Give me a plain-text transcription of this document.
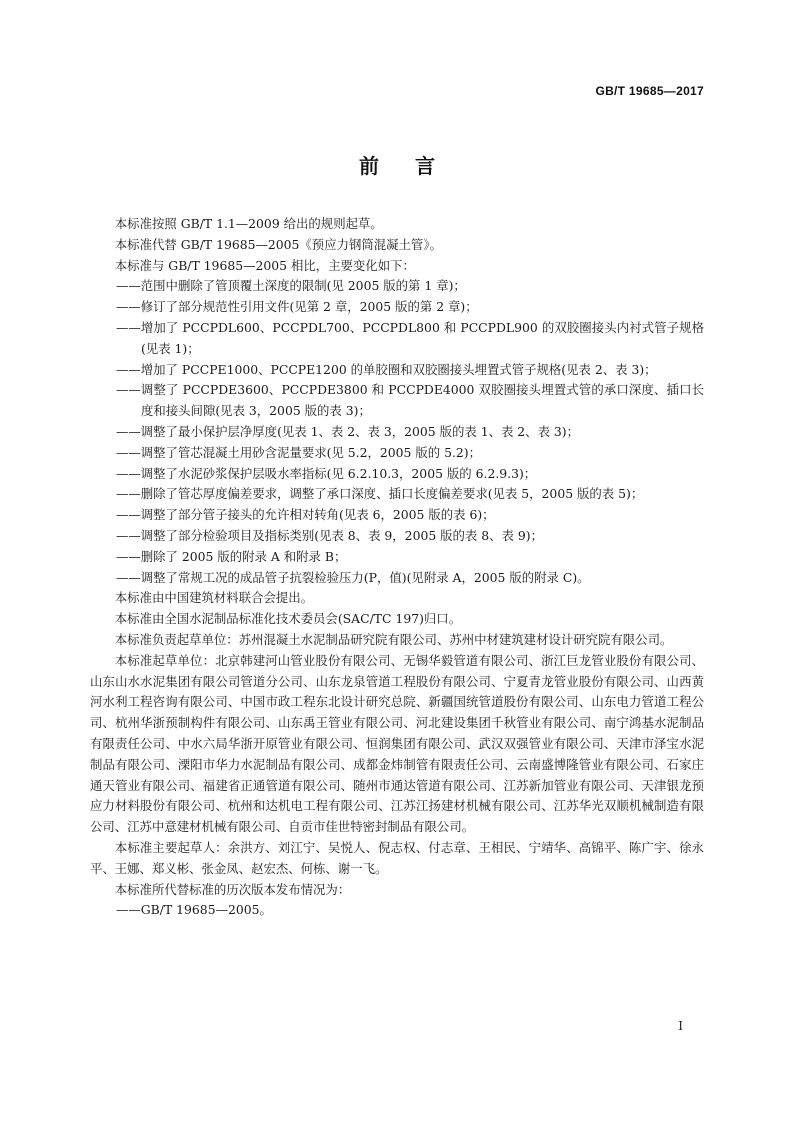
GB/T 19685—2017
前言

本标准按照 GB/T 1.1—2009 给出的规则起草。

本标准代替 GB/T 19685—2005《预应力钢筒混凝土管》。

本标准与 GB/T 19685—2005 相比，主要变化如下：

——范围中删除了管顶覆土深度的限制(见 2005 版的第 1 章)；

——修订了部分规范性引用文件(见第 2 章，2005 版的第 2 章)；

——增加了 PCCPDL600、PCCPDL700、PCCPDL800 和 PCCPDL900 的双胶圈接头内衬式管子规格(见表 1)；

——增加了 PCCPE1000、PCCPE1200 的单胶圈和双胶圈接头埋置式管子规格(见表 2、表 3)；

——调整了 PCCPDE3600、PCCPDE3800 和 PCCPDE4000 双胶圈接头埋置式管的承口深度、插口长度和接头间隙(见表 3，2005 版的表 3)；

——调整了最小保护层净厚度(见表 1、表 2、表 3，2005 版的表 1、表 2、表 3)；

——调整了管芯混凝土用砂含泥量要求(见 5.2，2005 版的 5.2)；

——调整了水泥砂浆保护层吸水率指标(见 6.2.10.3，2005 版的 6.2.9.3)；

——删除了管芯厚度偏差要求，调整了承口深度、插口长度偏差要求(见表 5，2005 版的表 5)；

——调整了部分管子接头的允许相对转角(见表 6，2005 版的表 6)；

——调整了部分检验项目及指标类别(见表 8、表 9，2005 版的表 8、表 9)；

——删除了 2005 版的附录 A 和附录 B；

——调整了常规工况的成品管子抗裂检验压力(P，值)(见附录 A，2005 版的附录 C)。

本标准由中国建筑材料联合会提出。

本标准由全国水泥制品标准化技术委员会(SAC/TC 197)归口。

本标准负责起草单位：苏州混凝土水泥制品研究院有限公司、苏州中材建筑建材设计研究院有限公司。

本标准起草单位：北京韩建河山管业股份有限公司、无锡华毅管道有限公司、浙江巨龙管业股份有限公司、山东山水水泥集团有限公司管道分公司、山东龙泉管道工程股份有限公司、宁夏青龙管业股份有限公司、山西黄河水利工程咨询有限公司、中国市政工程东北设计研究总院、新疆国统管道股份有限公司、山东电力管道工程公司、杭州华浙预制构件有限公司、山东禹王管业有限公司、河北建设集团千秋管业有限公司、南宁鸿基水泥制品有限责任公司、中水六局华浙开原管业有限公司、恒润集团有限公司、武汉双强管业有限公司、天津市泽宝水泥制品有限公司、溧阳市华力水泥制品有限公司、成都金炜制管有限责任公司、云南盛博隆管业有限公司、石家庄通天管业有限公司、福建省正通管道有限公司、随州市通达管道有限公司、江苏新加管业有限公司、天津银龙预应力材料股份有限公司、杭州和达机电工程有限公司、江苏江扬建材机械有限公司、江苏华光双顺机械制造有限公司、江苏中意建材机械有限公司、自贡市佳世特密封制品有限公司。

本标准主要起草人：余洪方、刘江宁、吴悦人、倪志权、付志章、王相民、宁靖华、高锦平、陈广宇、徐永平、王娜、郑义彬、张金凤、赵宏杰、何栋、谢一飞。

本标准所代替标准的历次版本发布情况为：

——GB/T 19685—2005。

I
